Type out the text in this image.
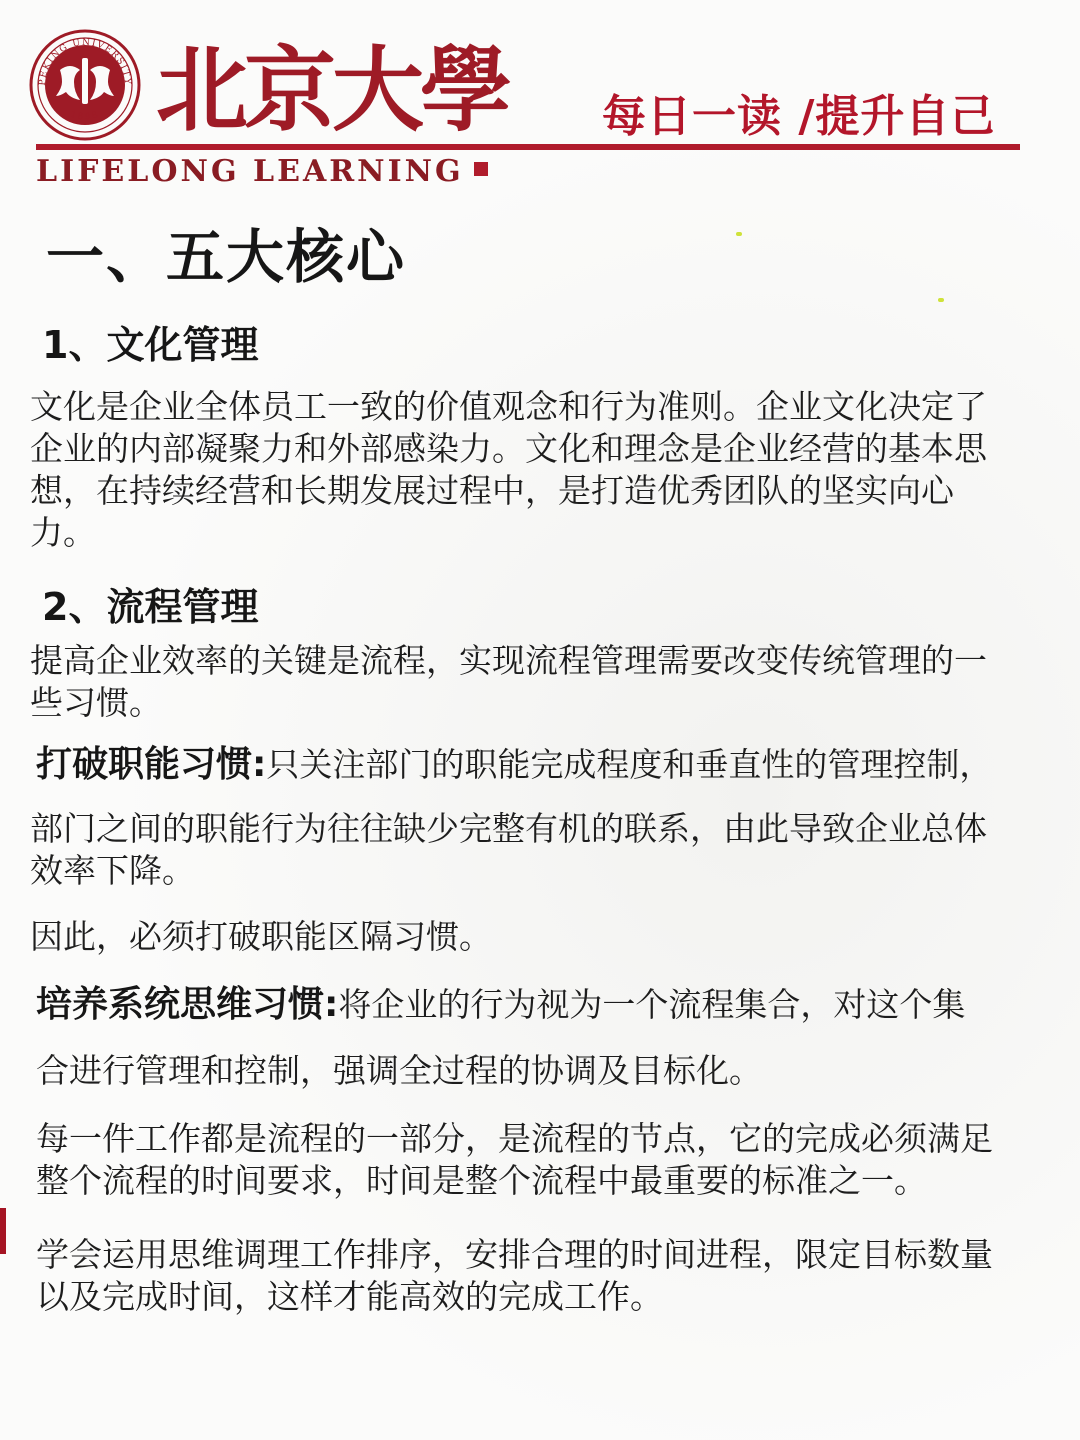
PEKING UNIVERSITY
1898 北京大學 每日一读 /提升自己
LIFELONG LEARNING
一、五大核心
1、文化管理

文化是企业全体员工一致的价值观念和行为准则。企业文化决定了企业的内部凝聚力和外部感染力。文化和理念是企业经营的基本思想，在持续经营和长期发展过程中，是打造优秀团队的坚实向心力。

2、流程管理

提高企业效率的关键是流程，实现流程管理需要改变传统管理的一些习惯。

打破职能习惯:只关注部门的职能完成程度和垂直性的管理控制，

部门之间的职能行为往往缺少完整有机的联系，由此导致企业总体效率下降。

因此，必须打破职能区隔习惯。

培养系统思维习惯:将企业的行为视为一个流程集合，对这个集

合进行管理和控制，强调全过程的协调及目标化。

每一件工作都是流程的一部分，是流程的节点，它的完成必须满足整个流程的时间要求，时间是整个流程中最重要的标准之一。

学会运用思维调理工作排序，安排合理的时间进程，限定目标数量以及完成时间，这样才能高效的完成工作。
